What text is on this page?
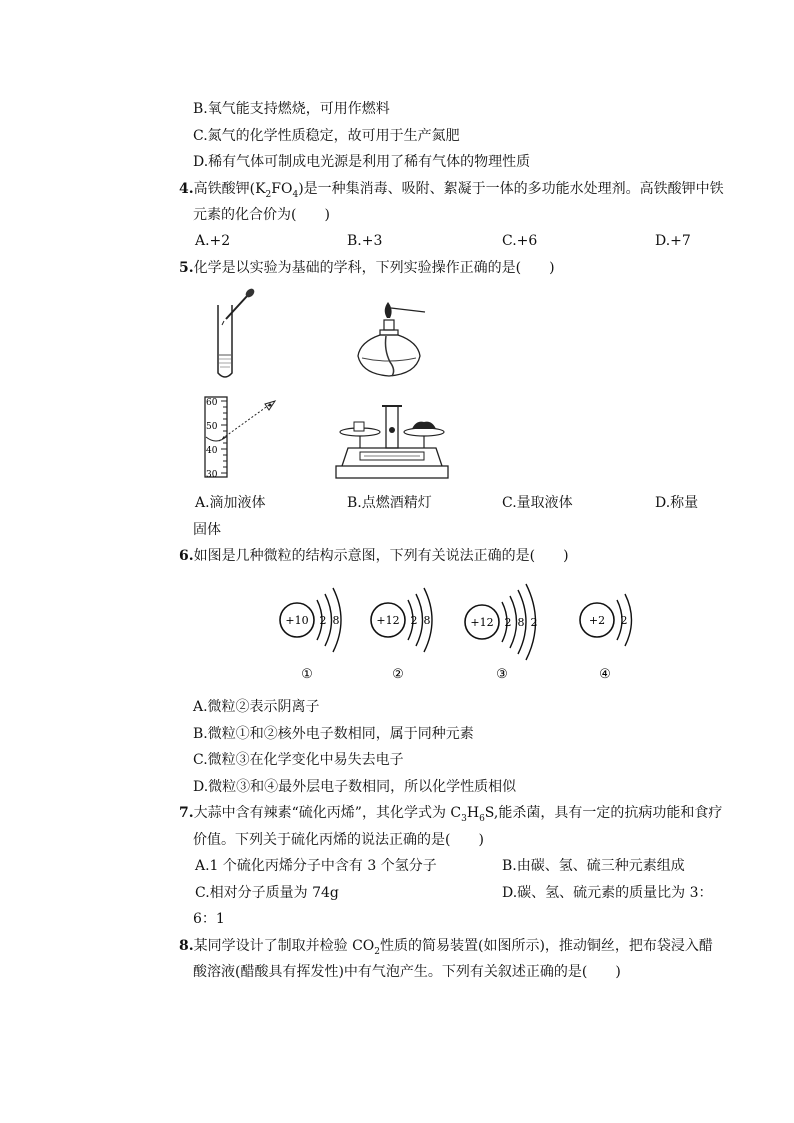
B.氧气能支持燃烧，可用作燃料
C.氮气的化学性质稳定，故可用于生产氮肥
D.稀有气体可制成电光源是利用了稀有气体的物理性质
4.高铁酸钾$(K_2FO_4)$是一种集消毒、吸附、絮凝于一体的多功能水处理剂。高铁酸钾中铁
元素的化合价为(　　)
A.+2	B.+3	C.+6	D.+7
5.化学是以实验为基础的学科，下列实验操作正确的是(　　)
60
50
40
30
A.滴加液体	B.点燃酒精灯	C.量取液体	D.称量
固体
6.如图是几种微粒的结构示意图，下列有关说法正确的是(　　)
+10 2 8
①
+12 2 8
②
+12 2 8 2
③
+2 2
④
A.微粒②表示阴离子
B.微粒①和②核外电子数相同，属于同种元素
C.微粒③在化学变化中易失去电子
D.微粒③和④最外层电子数相同，所以化学性质相似
7.大蒜中含有辣素“硫化丙烯”，其化学式为 $C_3H_6S$,能杀菌，具有一定的抗病功能和食疗
价值。下列关于硫化丙烯的说法正确的是(　　)
A.1 个硫化丙烯分子中含有 3 个氢分子	B.由碳、氢、硫三种元素组成
C.相对分子质量为 74g	D.碳、氢、硫元素的质量比为 3：
6：1
8.某同学设计了制取并检验 $CO_2$性质的简易装置(如图所示)，推动铜丝，把布袋浸入醋
酸溶液(醋酸具有挥发性)中有气泡产生。下列有关叙述正确的是(　　)
